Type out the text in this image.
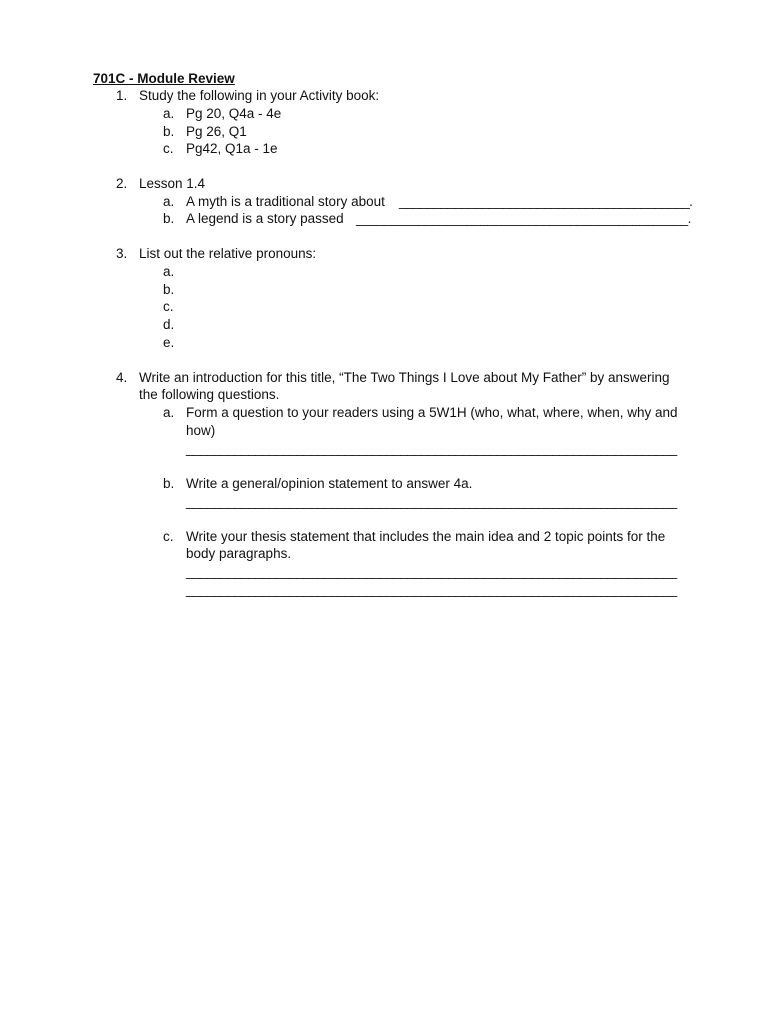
701C - Module Review
1. Study the following in your Activity book:
a. Pg 20, Q4a - 4e
b. Pg 26, Q1
c. Pg42, Q1a - 1e
2. Lesson 1.4
a. A myth is a traditional story about __________________________________________.
b. A legend is a story passed ________________________________________________.
3. List out the relative pronouns:
a.
b.
c.
d.
e.
4. Write an introduction for this title, “The Two Things I Love about My Father” by answering
the following questions.
a. Form a question to your readers using a 5W1H (who, what, where, when, why and
how)
_______________________________________________________________________
b. Write a general/opinion statement to answer 4a.
_______________________________________________________________________
c. Write your thesis statement that includes the main idea and 2 topic points for the
body paragraphs.
_______________________________________________________________________
_______________________________________________________________________
